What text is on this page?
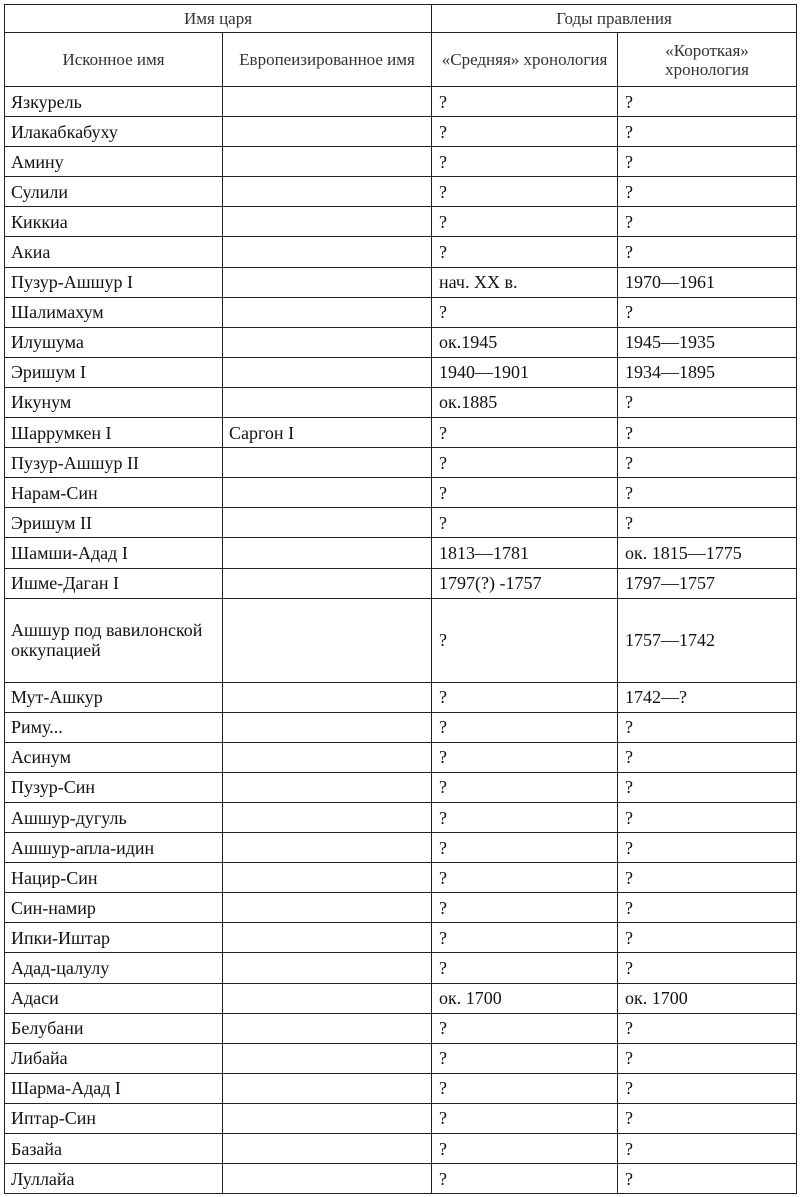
Имя царя		Годы правления	
Исконное имя	Европеизированное имя	«Средняя» хронология	«Короткая» хронология
Язкурель		?	?
Илакабкабуху		?	?
Амину		?	?
Сулили		?	?
Киккиа		?	?
Акиа		?	?
Пузур-Ашшур I		нач. XX в.	1970—1961
Шалимахум		?	?
Илушума		ок.1945	1945—1935
Эришум I		1940—1901	1934—1895
Икунум		ок.1885	?
Шаррумкен I	Саргон I	?	?
Пузур-Ашшур II		?	?
Нарам-Син		?	?
Эришум II		?	?
Шамши-Адад I		1813—1781	ок. 1815—1775
Ишме-Даган I		1797(?) -1757	1797—1757
Ашшур под вавилонской оккупацией		?	1757—1742
Мут-Ашкур		?	1742—?
Риму...		?	?
Асинум		?	?
Пузур-Син		?	?
Ашшур-дугуль		?	?
Ашшур-апла-идин		?	?
Нацир-Син		?	?
Син-намир		?	?
Ипки-Иштар		?	?
Адад-цалулу		?	?
Адаси		ок. 1700	ок. 1700
Белубани		?	?
Либайа		?	?
Шарма-Адад I		?	?
Иптар-Син		?	?
Базайа		?	?
Луллайа		?	?
